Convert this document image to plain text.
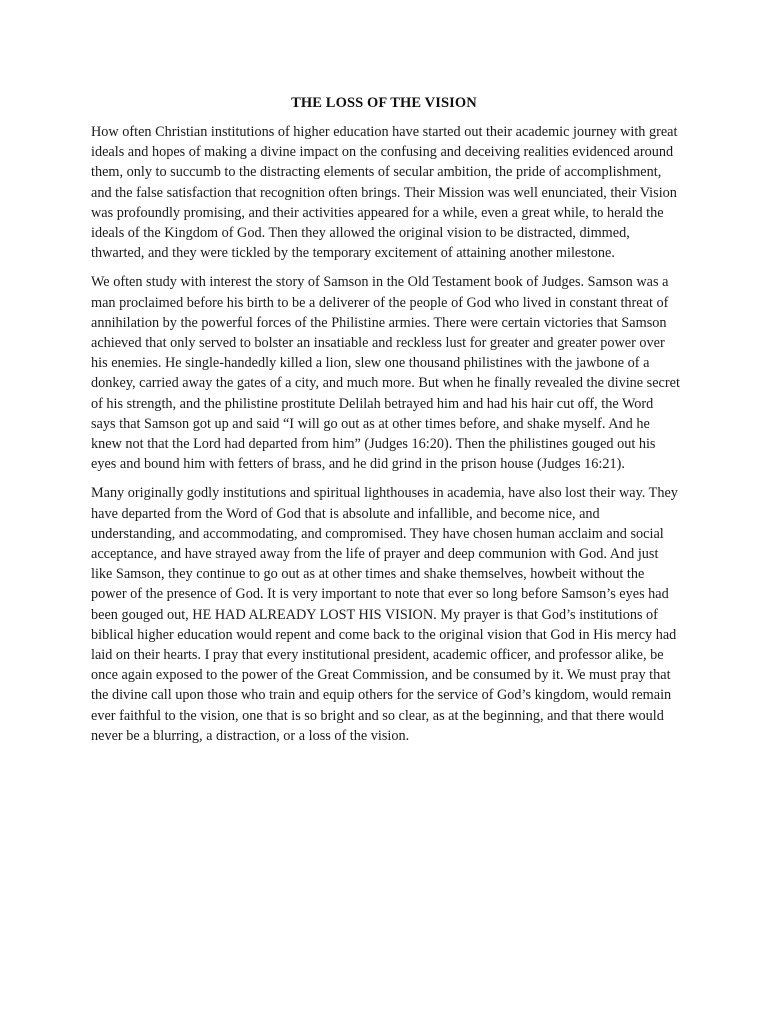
THE LOSS OF THE VISION

How often Christian institutions of higher education have started out their academic journey with great ideals and hopes of making a divine impact on the confusing and deceiving realities evidenced around them, only to succumb to the distracting elements of secular ambition, the pride of accomplishment, and the false satisfaction that recognition often brings. Their Mission was well enunciated, their Vision was profoundly promising, and their activities appeared for a while, even a great while, to herald the ideals of the Kingdom of God. Then they allowed the original vision to be distracted, dimmed, thwarted, and they were tickled by the temporary excitement of attaining another milestone.

We often study with interest the story of Samson in the Old Testament book of Judges. Samson was a man proclaimed before his birth to be a deliverer of the people of God who lived in constant threat of annihilation by the powerful forces of the Philistine armies. There were certain victories that Samson achieved that only served to bolster an insatiable and reckless lust for greater and greater power over his enemies. He single-handedly killed a lion, slew one thousand philistines with the jawbone of a donkey, carried away the gates of a city, and much more. But when he finally revealed the divine secret of his strength, and the philistine prostitute Delilah betrayed him and had his hair cut off, the Word says that Samson got up and said “I will go out as at other times before, and shake myself. And he knew not that the Lord had departed from him” (Judges 16:20). Then the philistines gouged out his eyes and bound him with fetters of brass, and he did grind in the prison house (Judges 16:21).

Many originally godly institutions and spiritual lighthouses in academia, have also lost their way. They have departed from the Word of God that is absolute and infallible, and become nice, and understanding, and accommodating, and compromised. They have chosen human acclaim and social acceptance, and have strayed away from the life of prayer and deep communion with God. And just like Samson, they continue to go out as at other times and shake themselves, howbeit without the power of the presence of God. It is very important to note that ever so long before Samson’s eyes had been gouged out, HE HAD ALREADY LOST HIS VISION. My prayer is that God’s institutions of biblical higher education would repent and come back to the original vision that God in His mercy had laid on their hearts. I pray that every institutional president, academic officer, and professor alike, be once again exposed to the power of the Great Commission, and be consumed by it. We must pray that the divine call upon those who train and equip others for the service of God’s kingdom, would remain ever faithful to the vision, one that is so bright and so clear, as at the beginning, and that there would never be a blurring, a distraction, or a loss of the vision.
